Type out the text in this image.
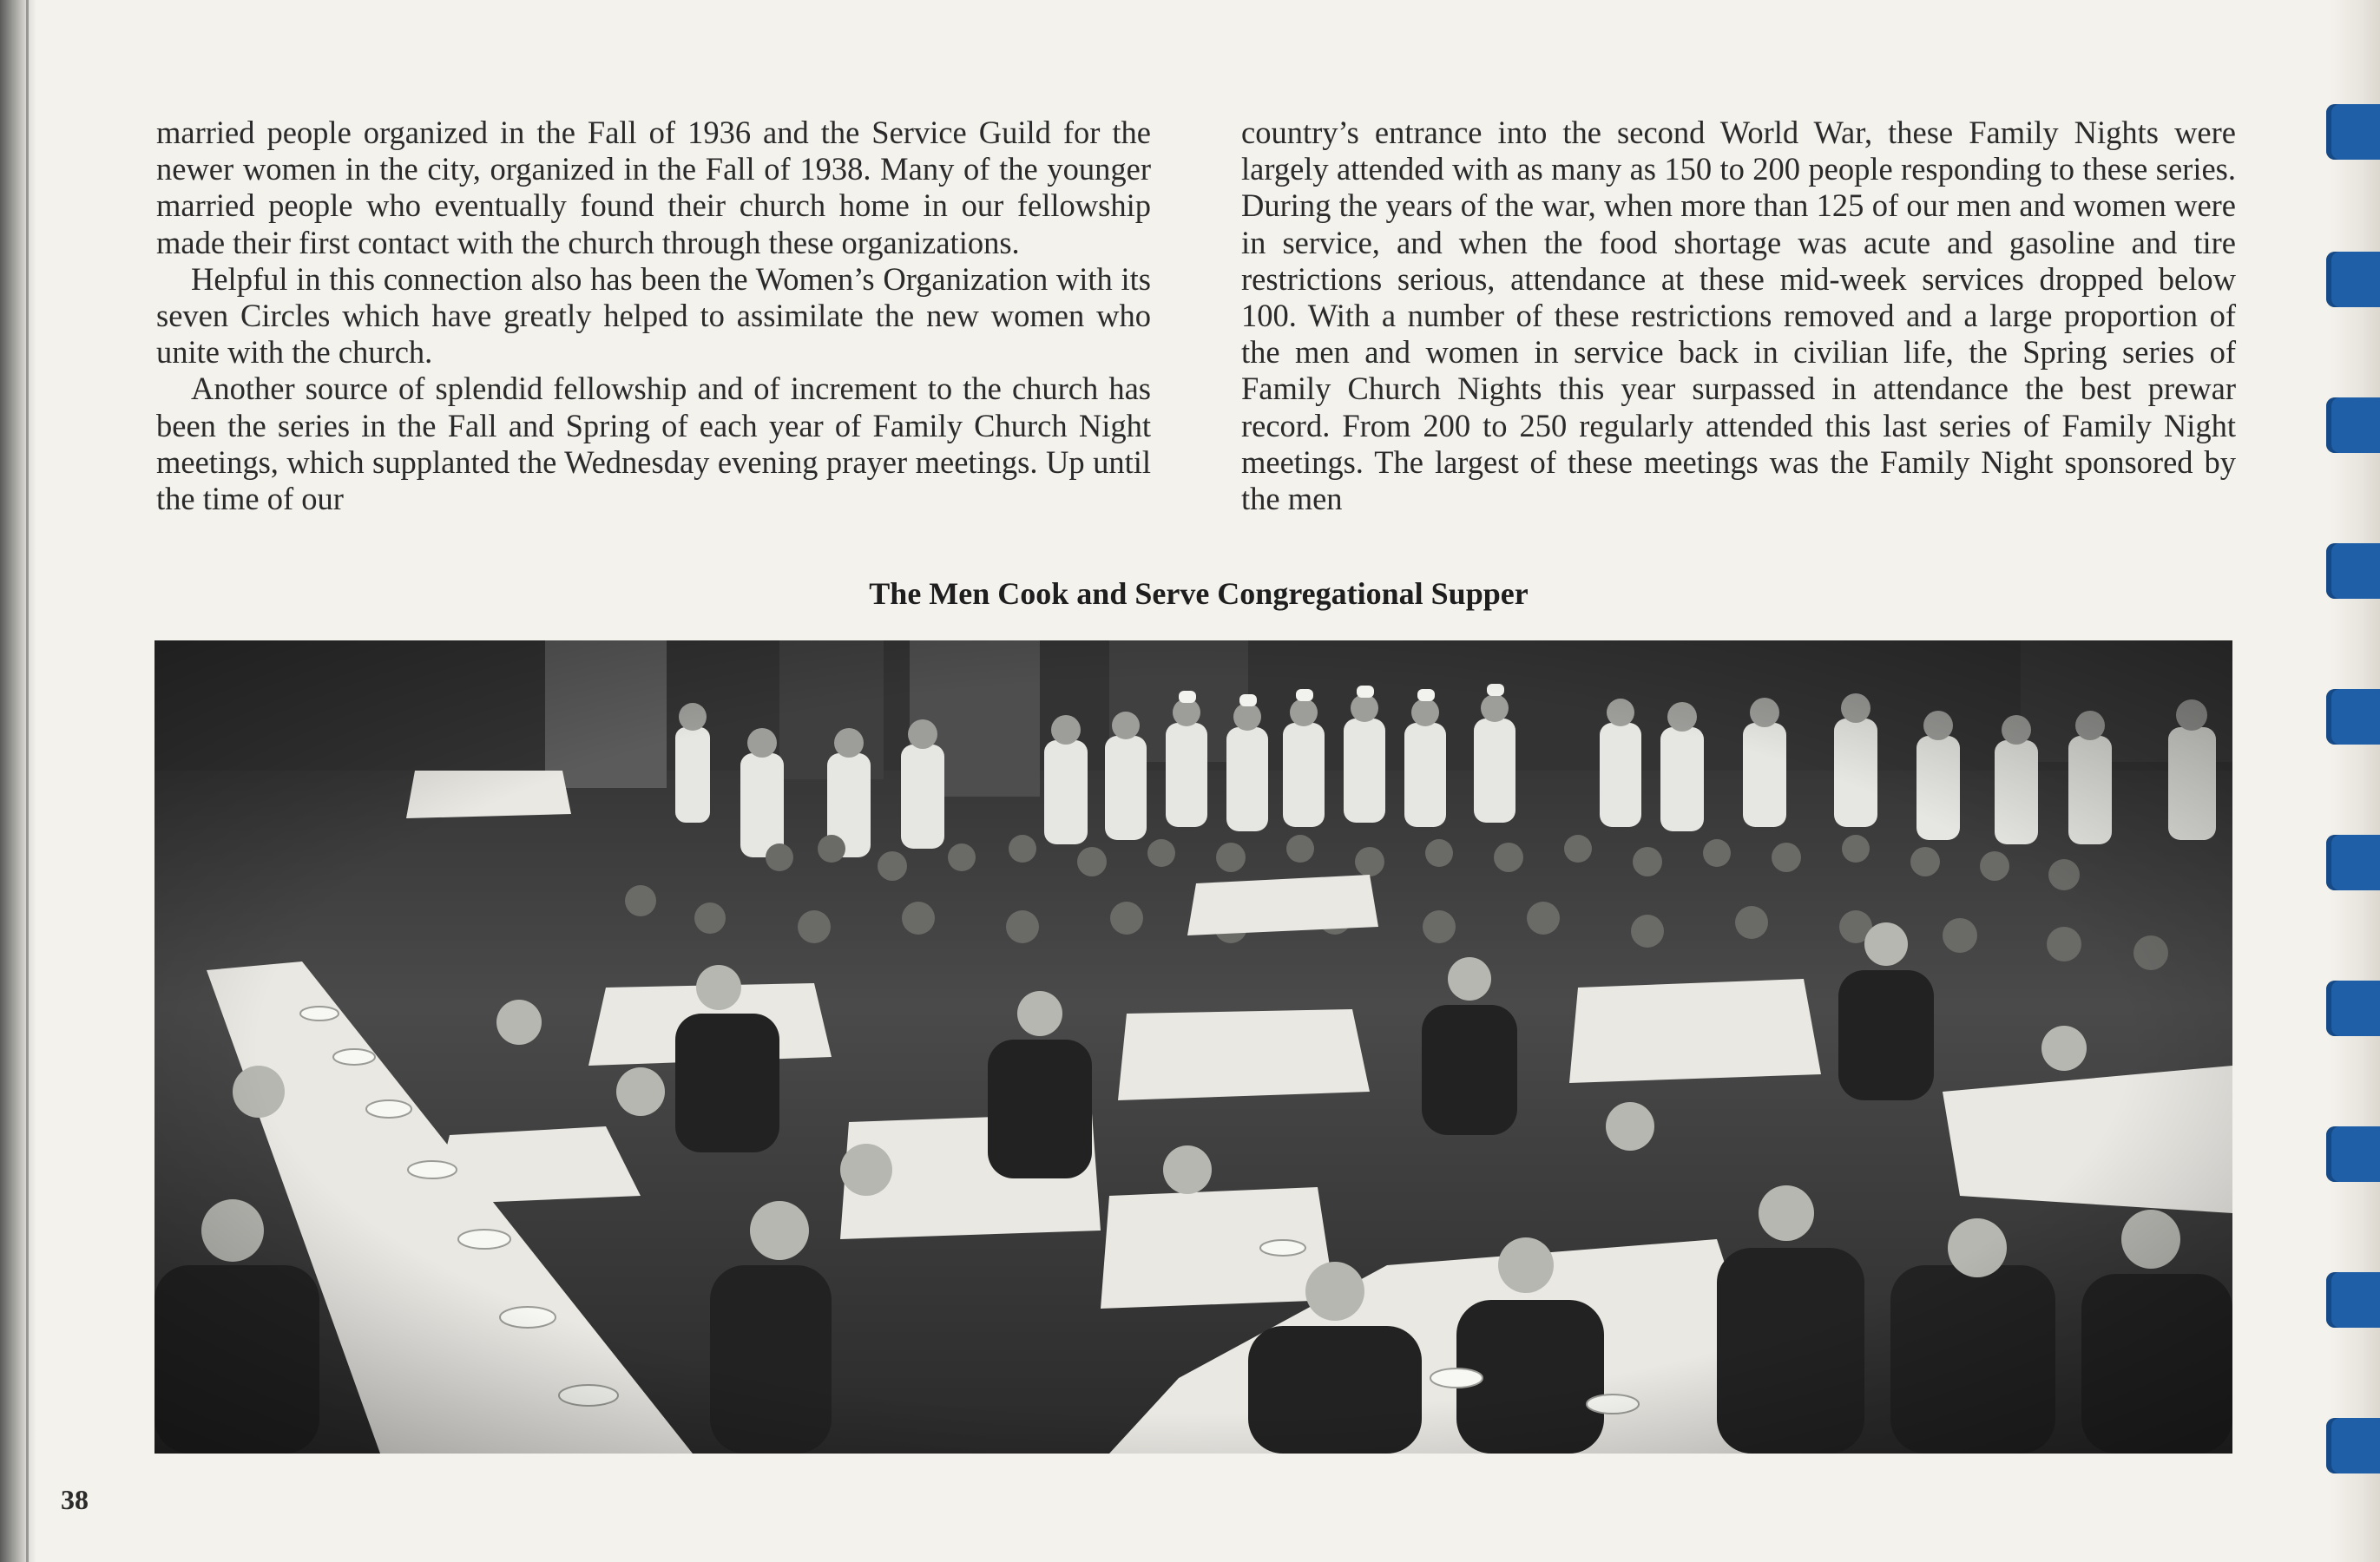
married people organized in the Fall of 1936 and the Service Guild for the newer women in the city, organized in the Fall of 1938. Many of the younger married people who eventually found their church home in our fellowship made their first contact with the church through these organizations.

Helpful in this connection also has been the Women’s Organization with its seven Circles which have greatly helped to assimilate the new women who unite with the church.

Another source of splendid fellowship and of increment to the church has been the series in the Fall and Spring of each year of Family Church Night meetings, which supplanted the Wednesday evening prayer meetings. Up until the time of our

country’s entrance into the second World War, these Family Nights were largely attended with as many as 150 to 200 people responding to these series. During the years of the war, when more than 125 of our men and women were in service, and when the food shortage was acute and gasoline and tire restrictions serious, attendance at these mid-week services dropped below 100. With a number of these restrictions removed and a large proportion of the men and women in service back in civilian life, the Spring series of Family Church Nights this year surpassed in attendance the best prewar record. From 200 to 250 regularly attended this last series of Family Night meetings. The largest of these meetings was the Family Night sponsored by the men

The Men Cook and Serve Congregational Supper
38
